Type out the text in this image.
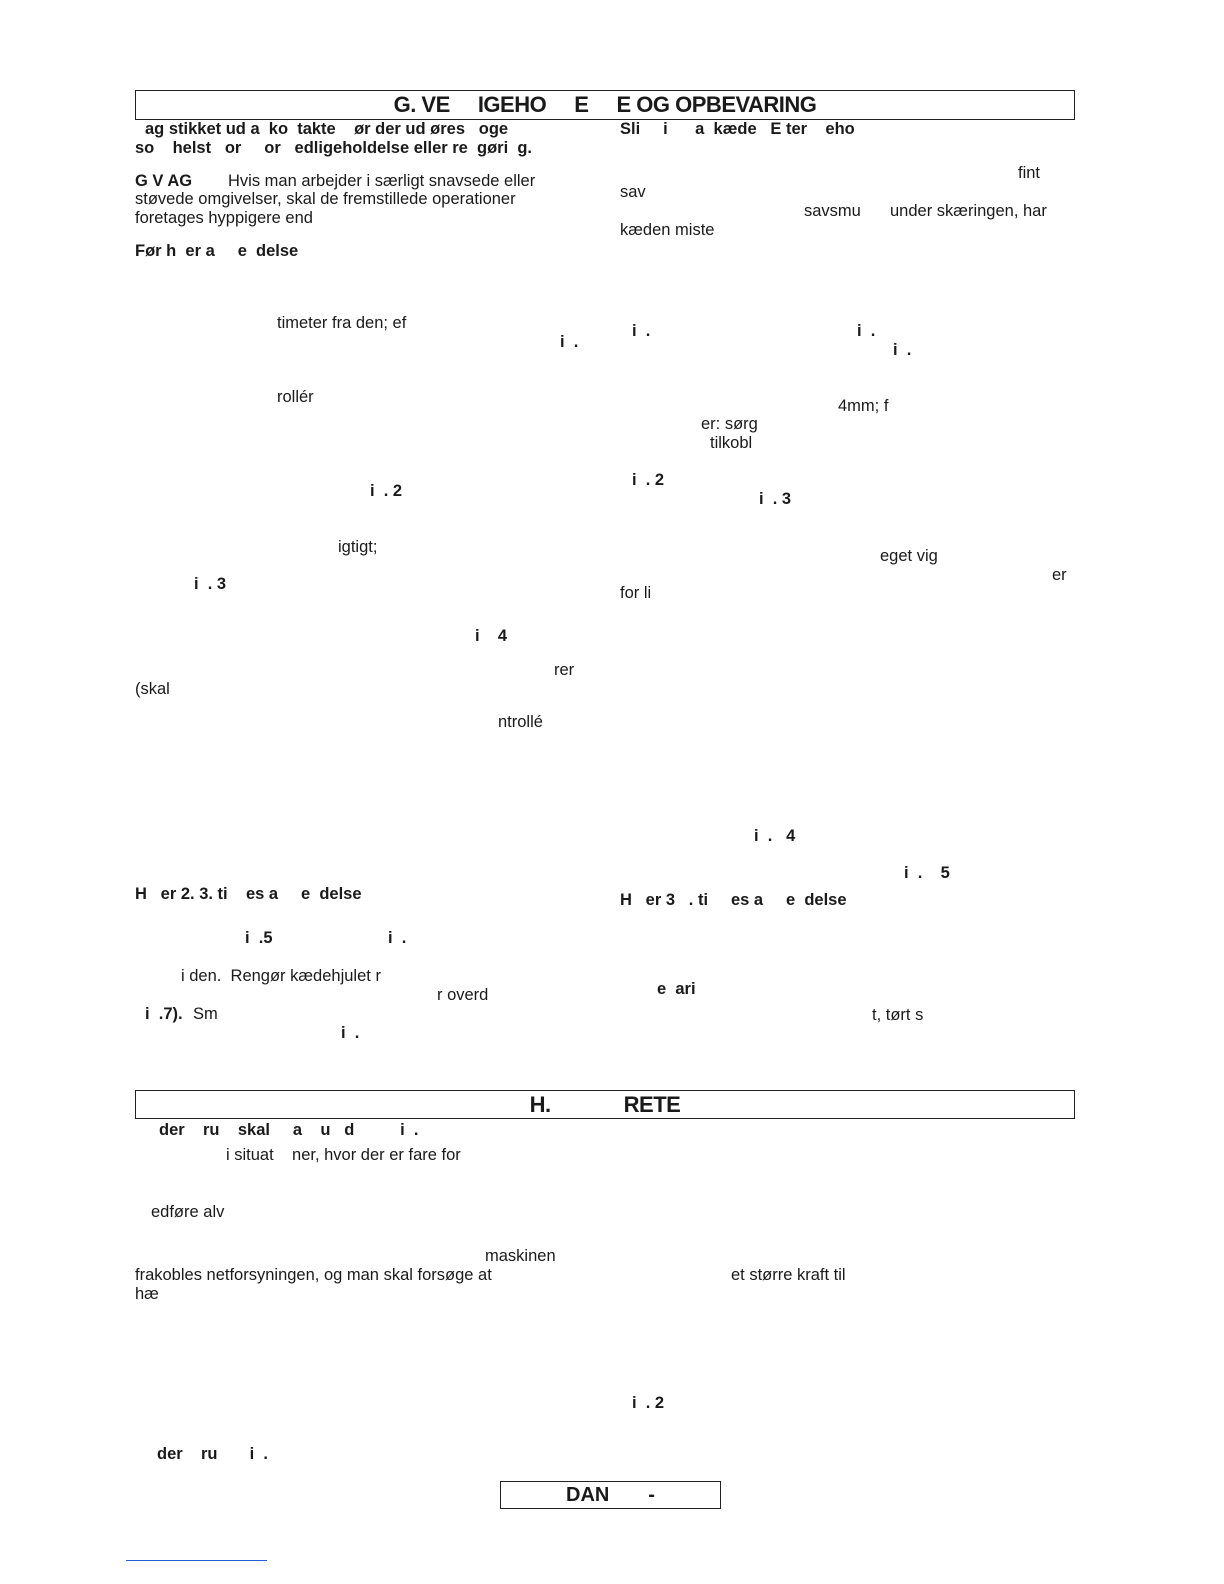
G. VE     IGEHO     E     E OG OPBEVARING
ag stikket ud a  ko  takte    ør der ud øres   oge
so    helst   or     or   edligeholdelse eller re  gøri  g.
G V AG Hvis man arbejder i særligt snavsede eller
støvede omgivelser, skal de fremstillede operationer
foretages hyppigere end
Før h  er a     e  delse
timeter fra den; ef
i  .
rollér
i  . 2
igtigt;
i  . 3
i    4
rer
(skal
ntrollé
H   er 2. 3. ti    es a     e  delse
i  .5	i  .
i den.  Rengør kædehjulet r
r overd
i  .7). Sm
i  .
Sli     i      a  kæde   E ter    eho
fint
sav
savsmu under skæringen, har
kæden miste
i  .	i  .
i  .
4mm; f
er: sørg
tilkobl
i  . 2
i  . 3
eget vig
er
for li
i  .   4
i  .    5
H   er 3   . ti     es a     e  delse
e  ari
t, tørt s
H.             RETE
der    ru    skal     a    u   d          i  .
i situat    ner, hvor der er fare for
edføre alv
maskinen
frakobles netforsyningen, og man skal forsøge at	et større kraft til
hæ
i  . 2
der    ru       i  .
DAN       -
